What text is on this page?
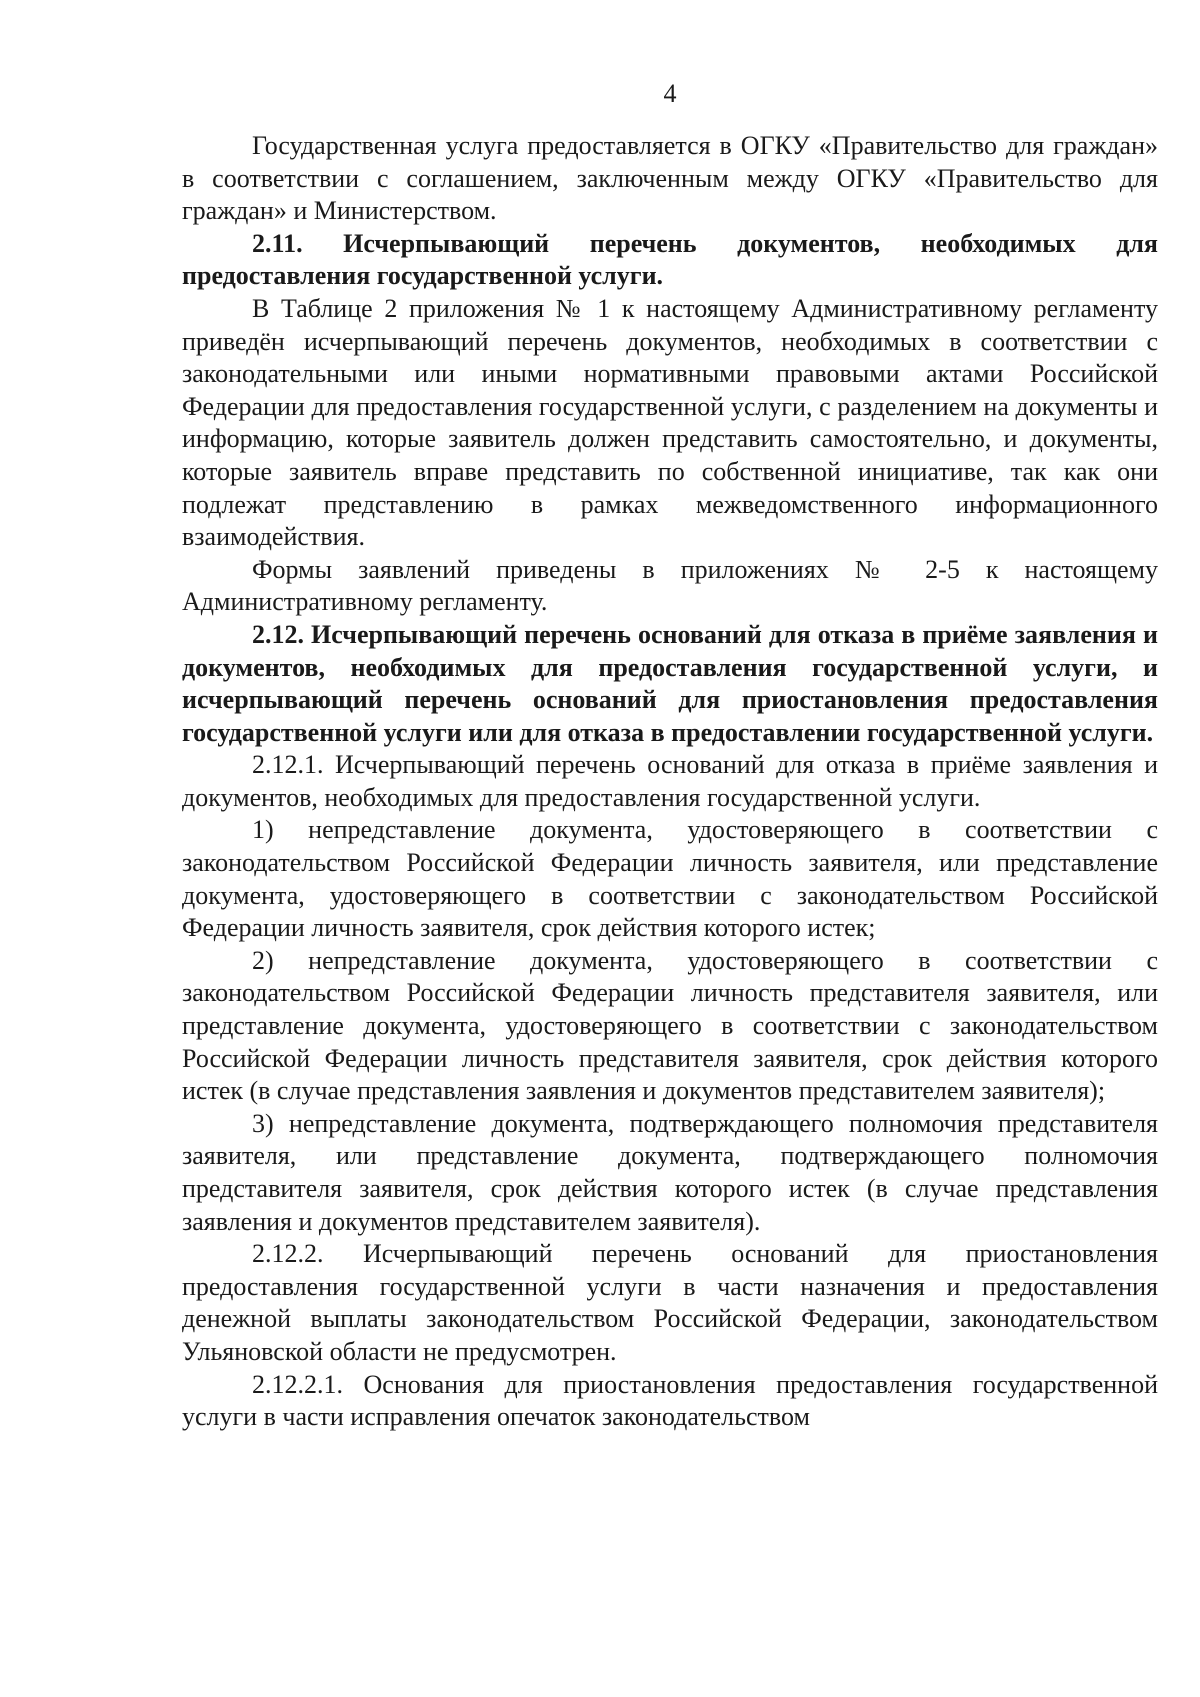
4

Государственная услуга предоставляется в ОГКУ «Правительство для граждан» в соответствии с соглашением, заключенным между ОГКУ «Правительство для граждан» и Министерством.

2.11. Исчерпывающий перечень документов, необходимых для предоставления государственной услуги.

В Таблице 2 приложения № 1 к настоящему Административному регламенту приведён исчерпывающий перечень документов, необходимых в соответствии с законодательными или иными нормативными правовыми актами Российской Федерации для предоставления государственной услуги, с разделением на документы и информацию, которые заявитель должен представить самостоятельно, и документы, которые заявитель вправе представить по собственной инициативе, так как они подлежат представлению в рамках межведомственного информационного взаимодействия.

Формы заявлений приведены в приложениях № 2-5 к настоящему Административному регламенту.

2.12. Исчерпывающий перечень оснований для отказа в приёме заявления и документов, необходимых для предоставления государственной услуги, и исчерпывающий перечень оснований для приостановления предоставления государственной услуги или для отказа в предоставлении государственной услуги.

2.12.1. Исчерпывающий перечень оснований для отказа в приёме заявления и документов, необходимых для предоставления государственной услуги.

1) непредставление документа, удостоверяющего в соответствии с законодательством Российской Федерации личность заявителя, или представление документа, удостоверяющего в соответствии с законодательством Российской Федерации личность заявителя, срок действия которого истек;

2) непредставление документа, удостоверяющего в соответствии с законодательством Российской Федерации личность представителя заявителя, или представление документа, удостоверяющего в соответствии с законодательством Российской Федерации личность представителя заявителя, срок действия которого истек (в случае представления заявления и документов представителем заявителя);

3) непредставление документа, подтверждающего полномочия представителя заявителя, или представление документа, подтверждающего полномочия представителя заявителя, срок действия которого истек (в случае представления заявления и документов представителем заявителя).

2.12.2. Исчерпывающий перечень оснований для приостановления предоставления государственной услуги в части назначения и предоставления денежной выплаты законодательством Российской Федерации, законодательством Ульяновской области не предусмотрен.

2.12.2.1. Основания для приостановления предоставления государственной услуги в части исправления опечаток законодательством
